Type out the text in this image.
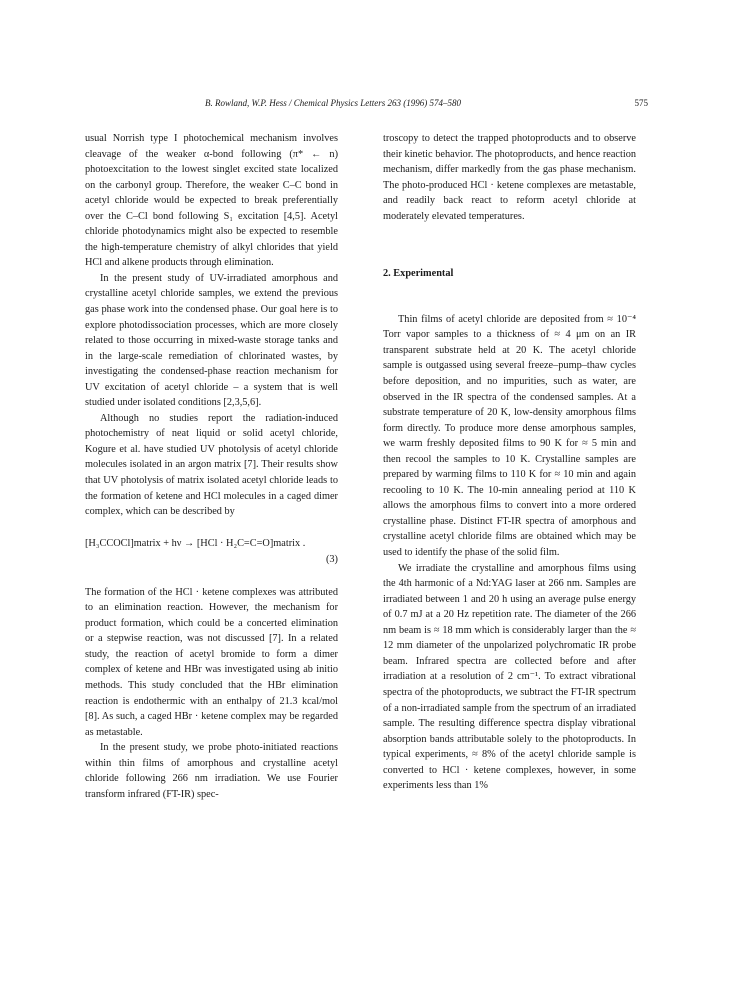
B. Rowland, W.P. Hess / Chemical Physics Letters 263 (1996) 574–580	575

usual Norrish type I photochemical mechanism involves cleavage of the weaker α-bond following (π* ← n) photoexcitation to the lowest singlet excited state localized on the carbonyl group. Therefore, the weaker C–C bond in acetyl chloride would be expected to break preferentially over the C–Cl bond following S₁ excitation [4,5]. Acetyl chloride photodynamics might also be expected to resemble the high-temperature chemistry of alkyl chlorides that yield HCl and alkene products through elimination.

In the present study of UV-irradiated amorphous and crystalline acetyl chloride samples, we extend the previous gas phase work into the condensed phase. Our goal here is to explore photodissociation processes, which are more closely related to those occurring in mixed-waste storage tanks and in the large-scale remediation of chlorinated wastes, by investigating the condensed-phase reaction mechanism for UV excitation of acetyl chloride – a system that is well studied under isolated conditions [2,3,5,6].

Although no studies report the radiation-induced photochemistry of neat liquid or solid acetyl chloride, Kogure et al. have studied UV photolysis of acetyl chloride molecules isolated in an argon matrix [7]. Their results show that UV photolysis of matrix isolated acetyl chloride leads to the formation of ketene and HCl molecules in a caged dimer complex, which can be described by

[H₃CCOCl]matrix + hν → [HCl · H₂C=C=O]matrix .
(3)

The formation of the HCl · ketene complexes was attributed to an elimination reaction. However, the mechanism for product formation, which could be a concerted elimination or a stepwise reaction, was not discussed [7]. In a related study, the reaction of acetyl bromide to form a dimer complex of ketene and HBr was investigated using ab initio methods. This study concluded that the HBr elimination reaction is endothermic with an enthalpy of 21.3 kcal/mol [8]. As such, a caged HBr · ketene complex may be regarded as metastable.

In the present study, we probe photo-initiated reactions within thin films of amorphous and crystalline acetyl chloride following 266 nm irradiation. We use Fourier transform infrared (FT-IR) spec-

troscopy to detect the trapped photoproducts and to observe their kinetic behavior. The photoproducts, and hence reaction mechanism, differ markedly from the gas phase mechanism. The photo-produced HCl · ketene complexes are metastable, and readily back react to reform acetyl chloride at moderately elevated temperatures.

2. Experimental

Thin films of acetyl chloride are deposited from ≈ 10⁻⁴ Torr vapor samples to a thickness of ≈ 4 μm on an IR transparent substrate held at 20 K. The acetyl chloride sample is outgassed using several freeze–pump–thaw cycles before deposition, and no impurities, such as water, are observed in the IR spectra of the condensed samples. At a substrate temperature of 20 K, low-density amorphous films form directly. To produce more dense amorphous samples, we warm freshly deposited films to 90 K for ≈ 5 min and then recool the samples to 10 K. Crystalline samples are prepared by warming films to 110 K for ≈ 10 min and again recooling to 10 K. The 10-min annealing period at 110 K allows the amorphous films to convert into a more ordered crystalline phase. Distinct FT-IR spectra of amorphous and crystalline acetyl chloride films are obtained which may be used to identify the phase of the solid film.

We irradiate the crystalline and amorphous films using the 4th harmonic of a Nd:YAG laser at 266 nm. Samples are irradiated between 1 and 20 h using an average pulse energy of 0.7 mJ at a 20 Hz repetition rate. The diameter of the 266 nm beam is ≈ 18 mm which is considerably larger than the ≈ 12 mm diameter of the unpolarized polychromatic IR probe beam. Infrared spectra are collected before and after irradiation at a resolution of 2 cm⁻¹. To extract vibrational spectra of the photoproducts, we subtract the FT-IR spectrum of a non-irradiated sample from the spectrum of an irradiated sample. The resulting difference spectra display vibrational absorption bands attributable solely to the photoproducts. In typical experiments, ≈ 8% of the acetyl chloride sample is converted to HCl · ketene complexes, however, in some experiments less than 1%
